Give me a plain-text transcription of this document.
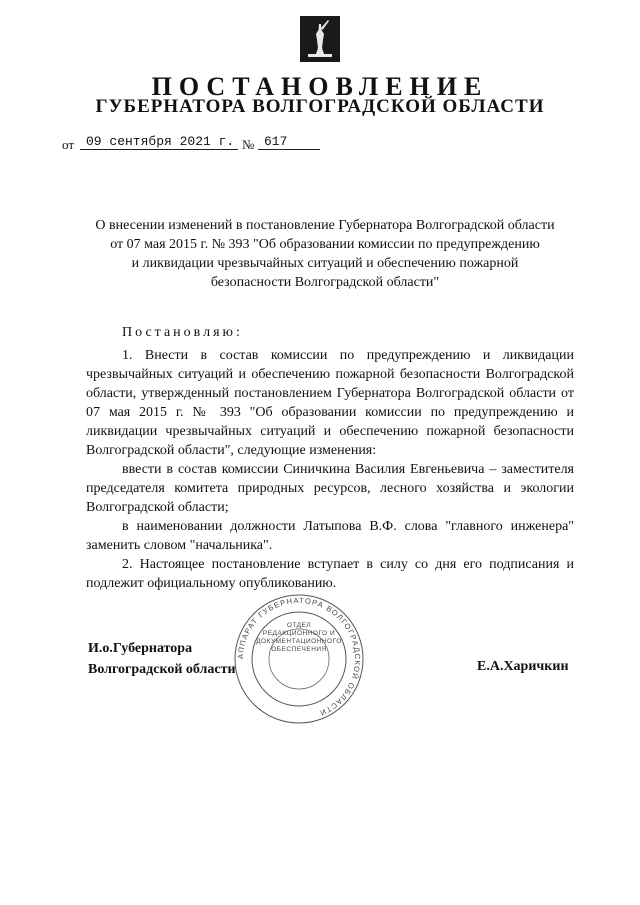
ПОСТАНОВЛЕНИЕ
ГУБЕРНАТОРА ВОЛГОГРАДСКОЙ ОБЛАСТИ
от 09 сентября 2021 г. № 617
О внесении изменений в постановление Губернатора Волгоградской области
от 07 мая 2015 г. № 393 "Об образовании комиссии по предупреждению
и ликвидации чрезвычайных ситуаций и обеспечению пожарной
безопасности Волгоградской области"

Постановляю:

1. Внести в состав комиссии по предупреждению и ликвидации чрезвычайных ситуаций и обеспечению пожарной безопасности Волгоградской области, утвержденный постановлением Губернатора Волгоградской области от 07 мая 2015 г. № 393 "Об образовании комиссии по предупреждению и ликвидации чрезвычайных ситуаций и обеспечению пожарной безопасности Волгоградской области", следующие изменения:

ввести в состав комиссии Синичкина Василия Евгеньевича – заместителя председателя комитета природных ресурсов, лесного хозяйства и экологии Волгоградской области;

в наименовании должности Латыпова В.Ф. слова "главного инженера" заменить словом "начальника".

2. Настоящее постановление вступает в силу со дня его подписания и подлежит официальному опубликованию.

АППАРАТ ГУБЕРНАТОРА ВОЛГОГРАДСКОЙ ОБЛАСТИ
ОТДЕЛ
РЕДАКЦИОННОГО И
ДОКУМЕНТАЦИОННОГО
ОБЕСПЕЧЕНИЯ
И.о.Губернатора
Волгоградской области	Е.А.Харичкин
